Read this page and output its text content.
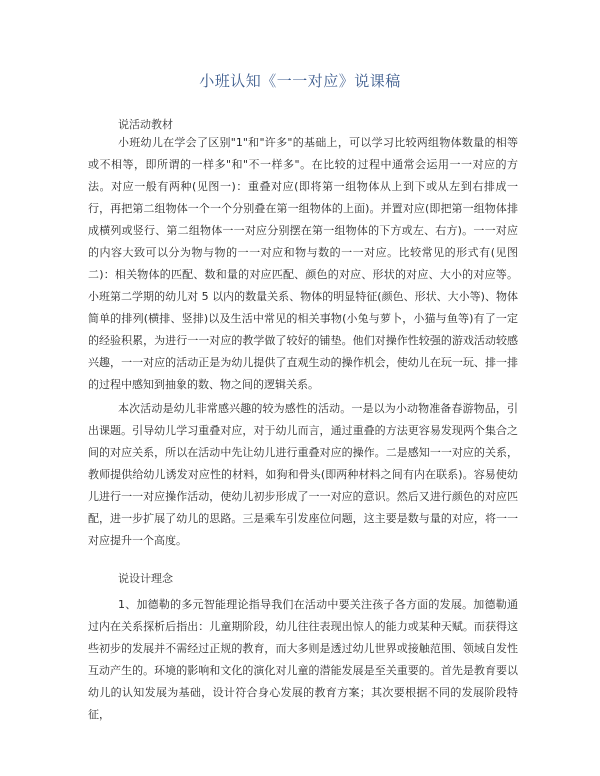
小班认知《一一对应》说课稿
说活动教材

小班幼儿在学会了区别"1"和"许多"的基础上，可以学习比较两组物体数量的相等或不相等，即所谓的一样多"和"不一样多"。在比较的过程中通常会运用一一对应的方法。对应一般有两种(见图一)：重叠对应(即将第一组物体从上到下或从左到右排成一行，再把第二组物体一个一个分别叠在第一组物体的上面)。并置对应(即把第一组物体排成横列或竖行、第二组物体一一对应分别摆在第一组物体的下方或左、右方)。一一对应的内容大致可以分为物与物的一一对应和物与数的一一对应。比较常见的形式有(见图二)：相关物体的匹配、数和量的对应匹配、颜色的对应、形状的对应、大小的对应等。小班第二学期的幼儿对 5 以内的数量关系、物体的明显特征(颜色、形状、大小等)、物体简单的排列(横排、竖排)以及生活中常见的相关事物(小兔与萝卜，小猫与鱼等)有了一定的经验积累，为进行一一对应的教学做了较好的铺垫。他们对操作性较强的游戏活动较感兴趣，一一对应的活动正是为幼儿提供了直观生动的操作机会，使幼儿在玩一玩、排一排的过程中感知到抽象的数、物之间的逻辑关系。

本次活动是幼儿非常感兴趣的较为感性的活动。一是以为小动物准备春游物品，引出课题。引导幼儿学习重叠对应，对于幼儿而言，通过重叠的方法更容易发现两个集合之间的对应关系，所以在活动中先让幼儿进行重叠对应的操作。二是感知一一对应的关系，教师提供给幼儿诱发对应性的材料，如狗和骨头(即两种材料之间有内在联系)。容易使幼儿进行一一对应操作活动，使幼儿初步形成了一一对应的意识。然后又进行颜色的对应匹配，进一步扩展了幼儿的思路。三是乘车引发座位问题，这主要是数与量的对应，将一一对应提升一个高度。

说设计理念

1、加德勒的多元智能理论指导我们在活动中要关注孩子各方面的发展。加德勒通过内在关系探析后指出：儿童期阶段，幼儿往往表现出惊人的能力或某种天赋。而获得这些初步的发展并不需经过正规的教育，而大多则是透过幼儿世界或接触范围、领域自发性互动产生的。环境的影响和文化的演化对儿童的潜能发展是至关重要的。首先是教育要以幼儿的认知发展为基础，设计符合身心发展的教育方案；其次要根据不同的发展阶段特征，
